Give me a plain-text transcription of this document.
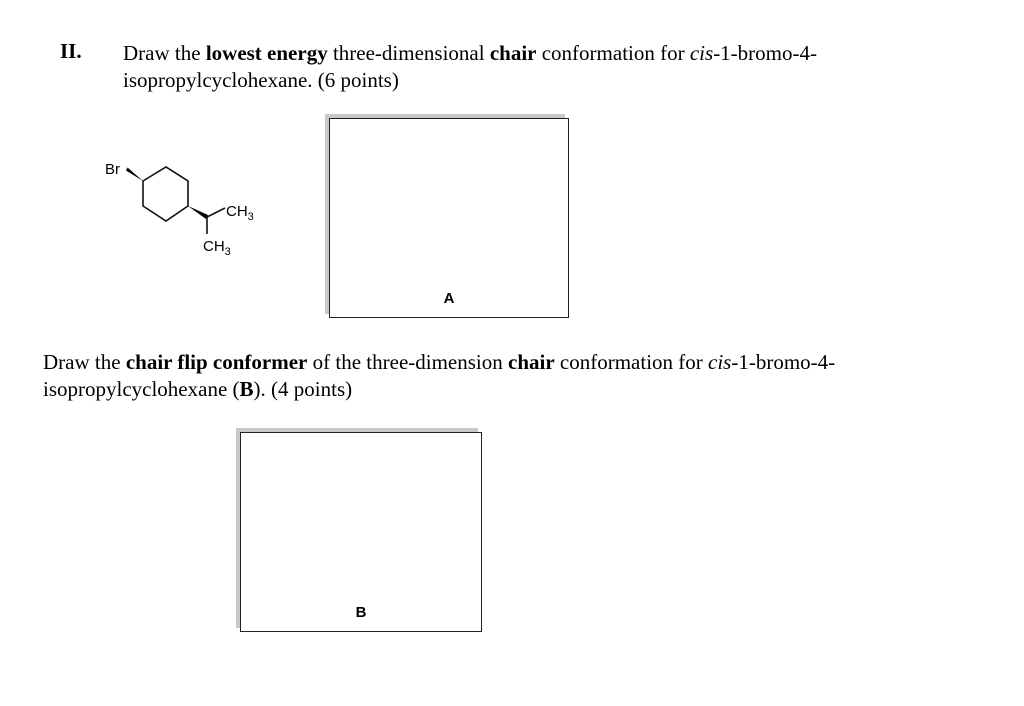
II. Draw the lowest energy three-dimensional chair conformation for cis-1-bromo-4-isopropylcyclohexane. (6 points)
Br
$CH_3$
$CH_3$
A
Draw the chair flip conformer of the three-dimension chair conformation for cis-1-bromo-4-isopropylcyclohexane (B). (4 points)
B
